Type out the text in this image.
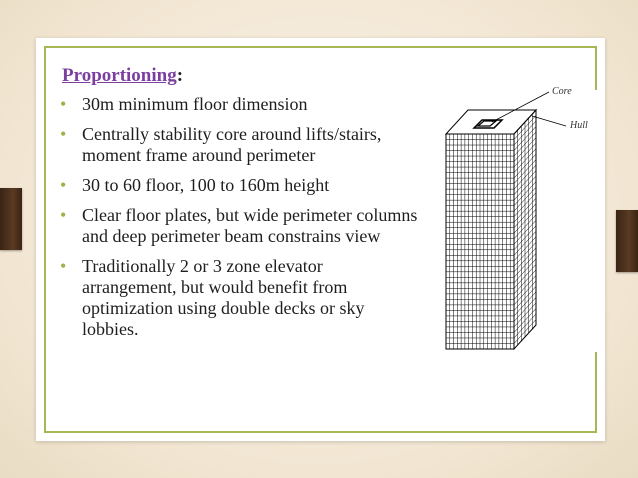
Proportioning:
• 30m minimum floor dimension
• Centrally stability core around lifts/stairs, moment frame around perimeter
• 30 to 60 floor, 100 to 160m height
• Clear floor plates, but wide perimeter columns and deep perimeter beam constrains view
• Traditionally 2 or 3 zone elevator arrangement, but would benefit from optimization using double decks or sky lobbies.
Core
Hull
